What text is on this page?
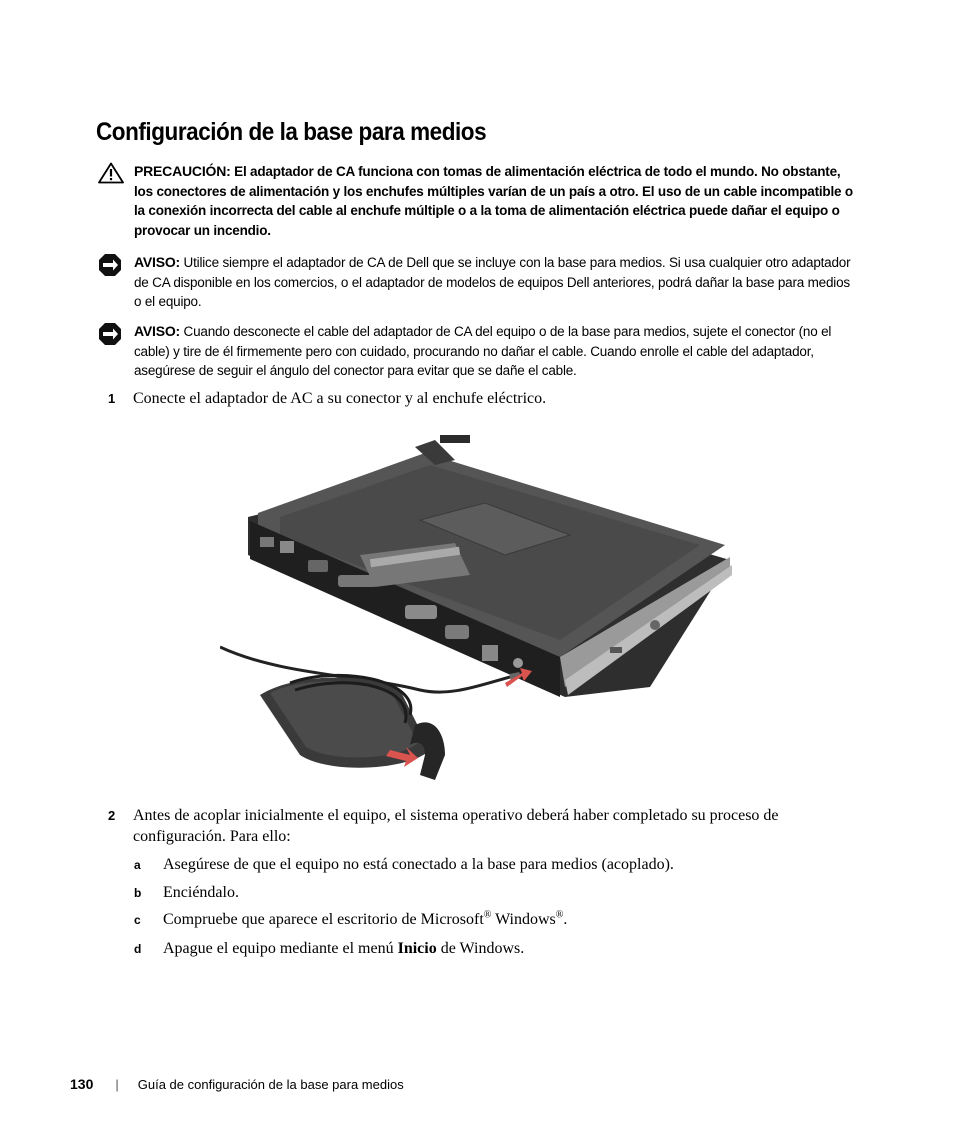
Configuración de la base para medios
PRECAUCIÓN: El adaptador de CA funciona con tomas de alimentación eléctrica de todo el mundo. No obstante, los conectores de alimentación y los enchufes múltiples varían de un país a otro. El uso de un cable incompatible o la conexión incorrecta del cable al enchufe múltiple o a la toma de alimentación eléctrica puede dañar el equipo o provocar un incendio.
AVISO: Utilice siempre el adaptador de CA de Dell que se incluye con la base para medios. Si usa cualquier otro adaptador de CA disponible en los comercios, o el adaptador de modelos de equipos Dell anteriores, podrá dañar la base para medios o el equipo.
AVISO: Cuando desconecte el cable del adaptador de CA del equipo o de la base para medios, sujete el conector (no el cable) y tire de él firmemente pero con cuidado, procurando no dañar el cable. Cuando enrolle el cable del adaptador, asegúrese de seguir el ángulo del conector para evitar que se dañe el cable.
1 Conecte el adaptador de AC a su conector y al enchufe eléctrico.
2 Antes de acoplar inicialmente el equipo, el sistema operativo deberá haber completado su proceso de configuración. Para ello:
a Asegúrese de que el equipo no está conectado a la base para medios (acoplado).
b Enciéndalo.
c Compruebe que aparece el escritorio de Microsoft® Windows®.
d Apague el equipo mediante el menú Inicio de Windows.
130 | Guía de configuración de la base para medios
